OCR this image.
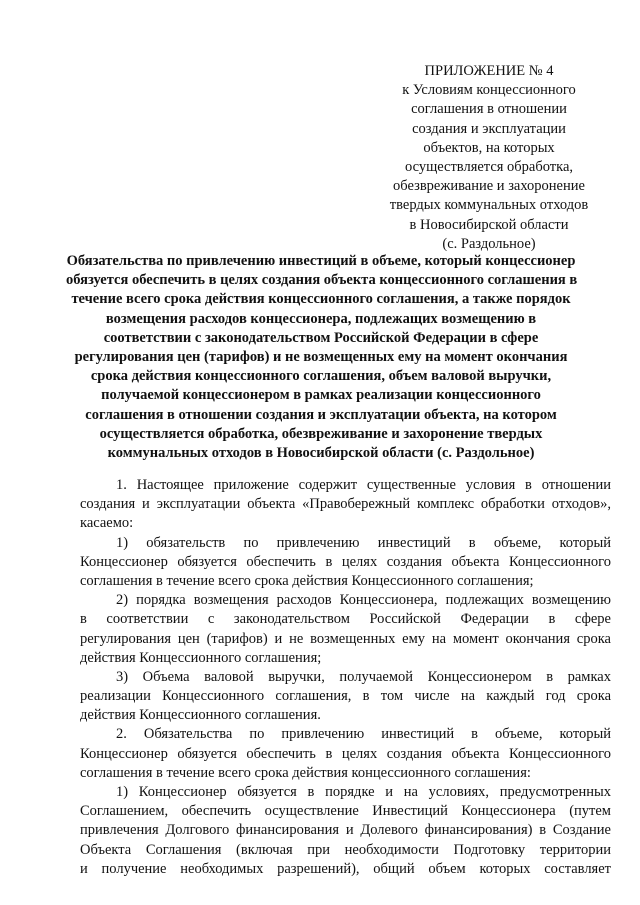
ПРИЛОЖЕНИЕ № 4
к Условиям концессионного
соглашения в отношении
создания и эксплуатации
объектов, на которых
осуществляется обработка,
обезвреживание и захоронение
твердых коммунальных отходов
в Новосибирской области
(с. Раздольное)
Обязательства по привлечению инвестиций в объеме, который концессионер
обязуется обеспечить в целях создания объекта концессионного соглашения в
течение всего срока действия концессионного соглашения, а также порядок
возмещения расходов концессионера, подлежащих возмещению в
соответствии с законодательством Российской Федерации в сфере
регулирования цен (тарифов) и не возмещенных ему на момент окончания
срока действия концессионного соглашения, объем валовой выручки,
получаемой концессионером в рамках реализации концессионного
соглашения в отношении создания и эксплуатации объекта, на котором
осуществляется обработка, обезвреживание и захоронение твердых
коммунальных отходов в Новосибирской области (с. Раздольное)
1. Настоящее приложение содержит существенные условия в отношении
создания и эксплуатации объекта «Правобережный комплекс обработки отходов»,
касаемо:
1) обязательств по привлечению инвестиций в объеме, который
Концессионер обязуется обеспечить в целях создания объекта Концессионного
соглашения в течение всего срока действия Концессионного соглашения;
2) порядка возмещения расходов Концессионера, подлежащих возмещению
в соответствии с законодательством Российской Федерации в сфере
регулирования цен (тарифов) и не возмещенных ему на момент окончания срока
действия Концессионного соглашения;
3) Объема валовой выручки, получаемой Концессионером в рамках
реализации Концессионного соглашения, в том числе на каждый год срока
действия Концессионного соглашения.
2. Обязательства по привлечению инвестиций в объеме, который
Концессионер обязуется обеспечить в целях создания объекта Концессионного
соглашения в течение всего срока действия концессионного соглашения:
1) Концессионер обязуется в порядке и на условиях, предусмотренных
Соглашением, обеспечить осуществление Инвестиций Концессионера (путем
привлечения Долгового финансирования и Долевого финансирования) в Создание
Объекта Соглашения (включая при необходимости Подготовку территории
и получение необходимых разрешений), общий объем которых составляет
